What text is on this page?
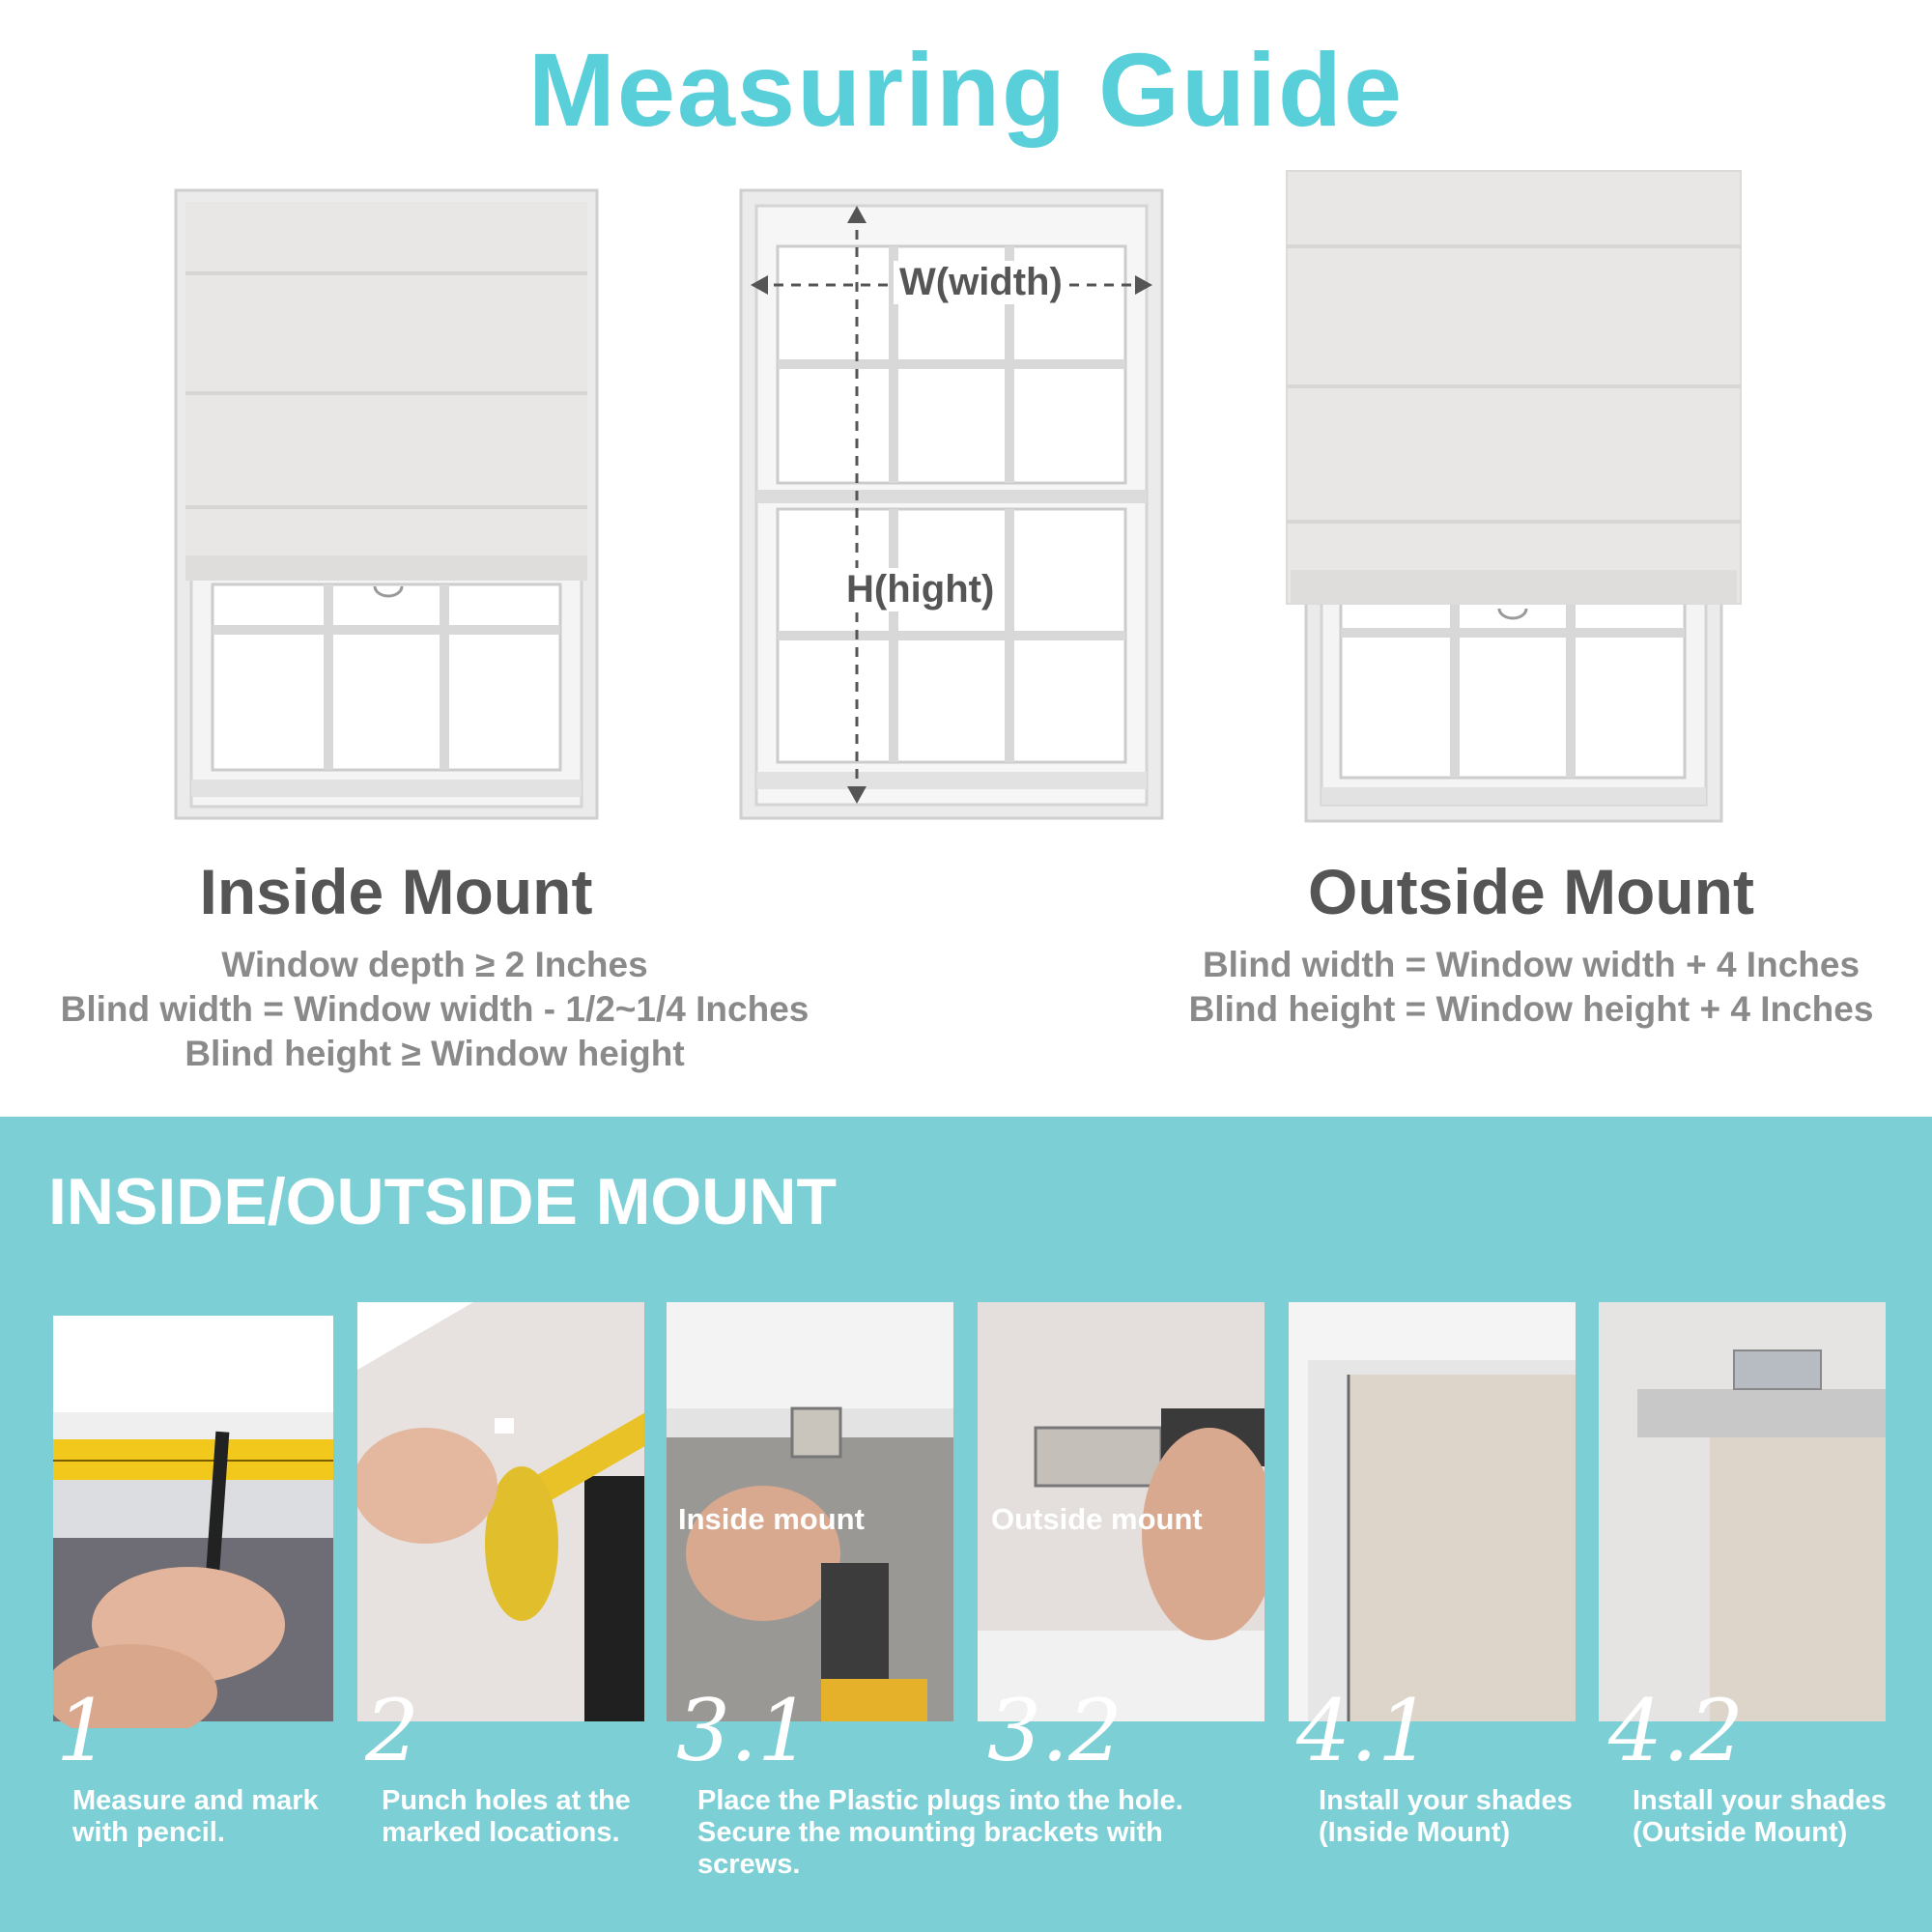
Measuring Guide
W(width)
H(hight)
Inside Mount
Window depth ≥ 2 Inches
Blind width = Window width - 1/2~1/4 Inches
Blind height ≥ Window height
Outside Mount
Blind width = Window width + 4 Inches
Blind height = Window height + 4 Inches
INSIDE/OUTSIDE MOUNT
Inside mount	Outside mount
1	2	3.1 3.2 4.1 4.2
Measure and mark with pencil.
Punch holes at the marked locations.
Place the Plastic plugs into the hole. Secure the mounting brackets with screws.
Install your shades (Inside Mount)
Install your shades (Outside Mount)
